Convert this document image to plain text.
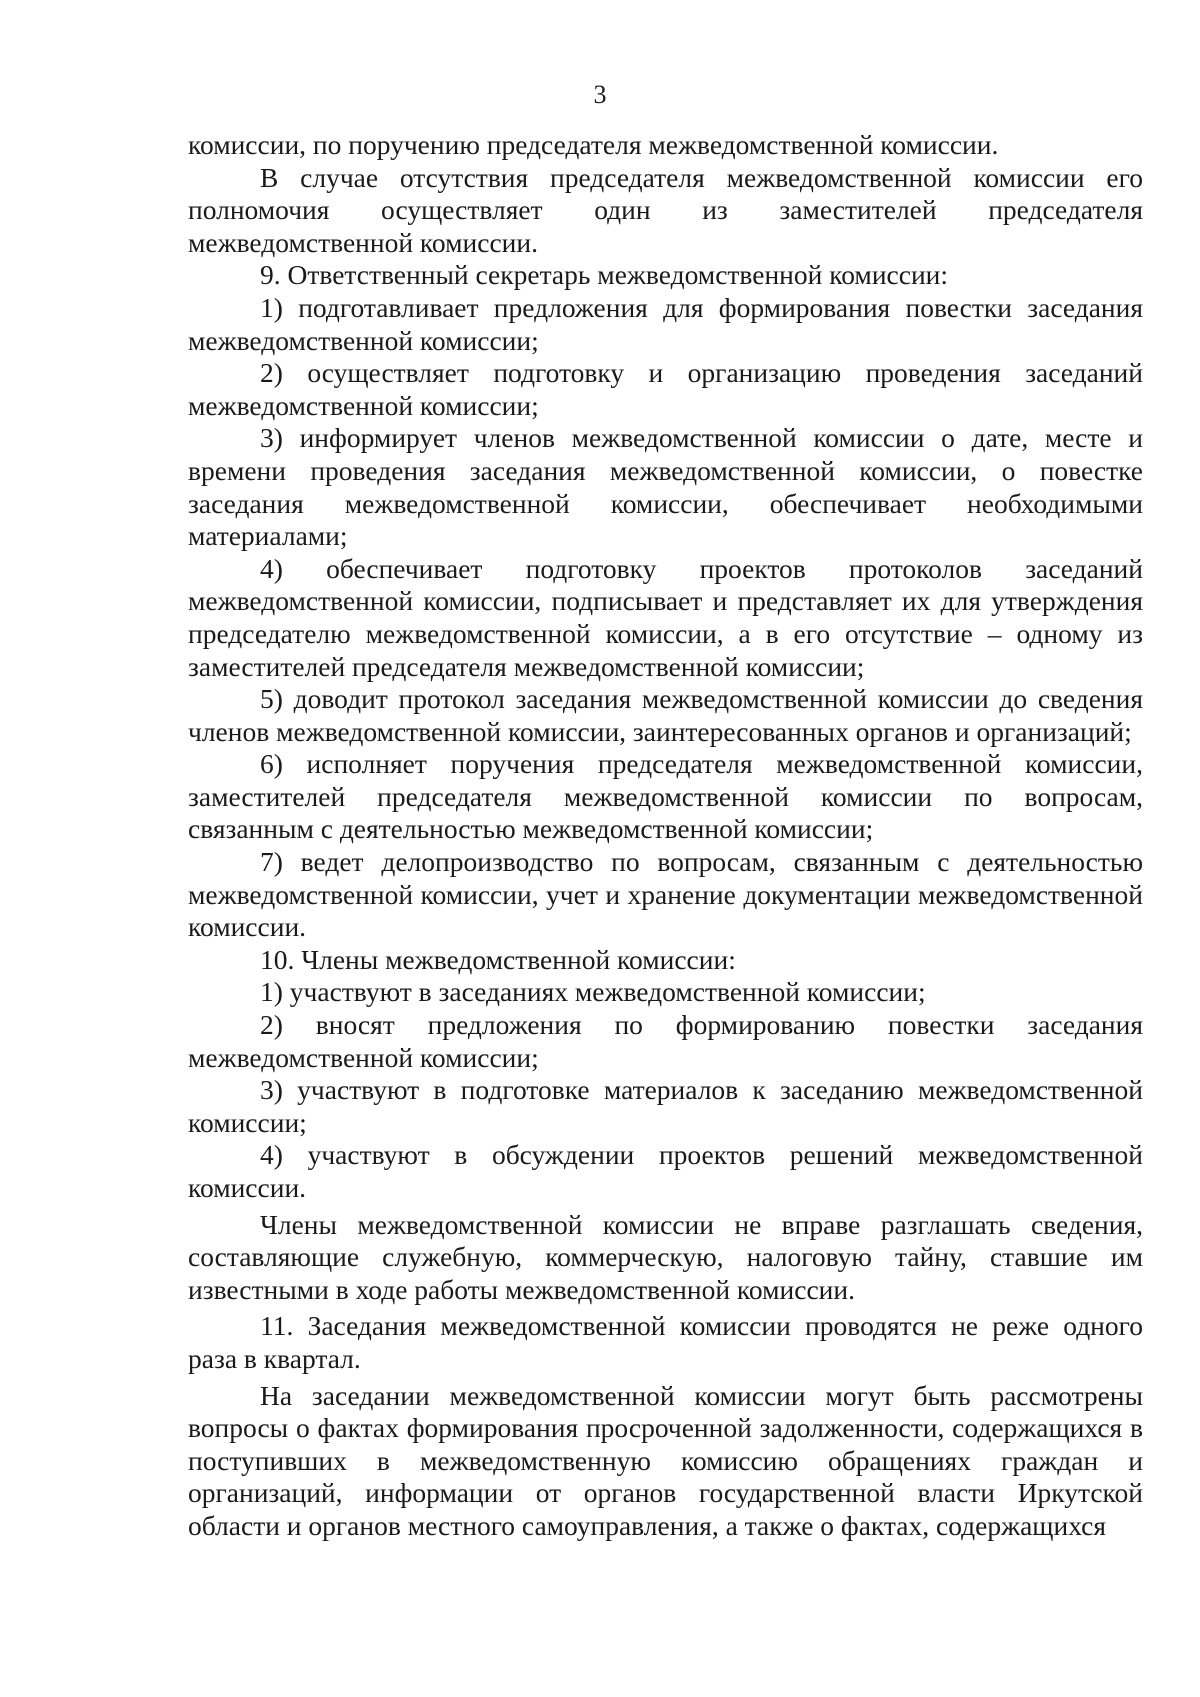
3

комиссии, по поручению председателя межведомственной комиссии.

В случае отсутствия председателя межведомственной комиссии его полномочия осуществляет один из заместителей председателя межведомственной комиссии.

9. Ответственный секретарь межведомственной комиссии:

1) подготавливает предложения для формирования повестки заседания межведомственной комиссии;

2) осуществляет подготовку и организацию проведения заседаний межведомственной комиссии;

3) информирует членов межведомственной комиссии о дате, месте и времени проведения заседания межведомственной комиссии, о повестке заседания межведомственной комиссии, обеспечивает необходимыми материалами;

4) обеспечивает подготовку проектов протоколов заседаний межведомственной комиссии, подписывает и представляет их для утверждения председателю межведомственной комиссии, а в его отсутствие – одному из заместителей председателя межведомственной комиссии;

5) доводит протокол заседания межведомственной комиссии до сведения членов межведомственной комиссии, заинтересованных органов и организаций;

6) исполняет поручения председателя межведомственной комиссии, заместителей председателя межведомственной комиссии по вопросам, связанным с деятельностью межведомственной комиссии;

7) ведет делопроизводство по вопросам, связанным с деятельностью межведомственной комиссии, учет и хранение документации межведомственной комиссии.

10. Члены межведомственной комиссии:

1) участвуют в заседаниях межведомственной комиссии;

2) вносят предложения по формированию повестки заседания межведомственной комиссии;

3) участвуют в подготовке материалов к заседанию межведомственной комиссии;

4) участвуют в обсуждении проектов решений межведомственной комиссии.

Члены межведомственной комиссии не вправе разглашать сведения, составляющие служебную, коммерческую, налоговую тайну, ставшие им известными в ходе работы межведомственной комиссии.

11. Заседания межведомственной комиссии проводятся не реже одного раза в квартал.

На заседании межведомственной комиссии могут быть рассмотрены вопросы о фактах формирования просроченной задолженности, содержащихся в поступивших в межведомственную комиссию обращениях граждан и организаций, информации от органов государственной власти Иркутской области и органов местного самоуправления, а также о фактах, содержащихся
